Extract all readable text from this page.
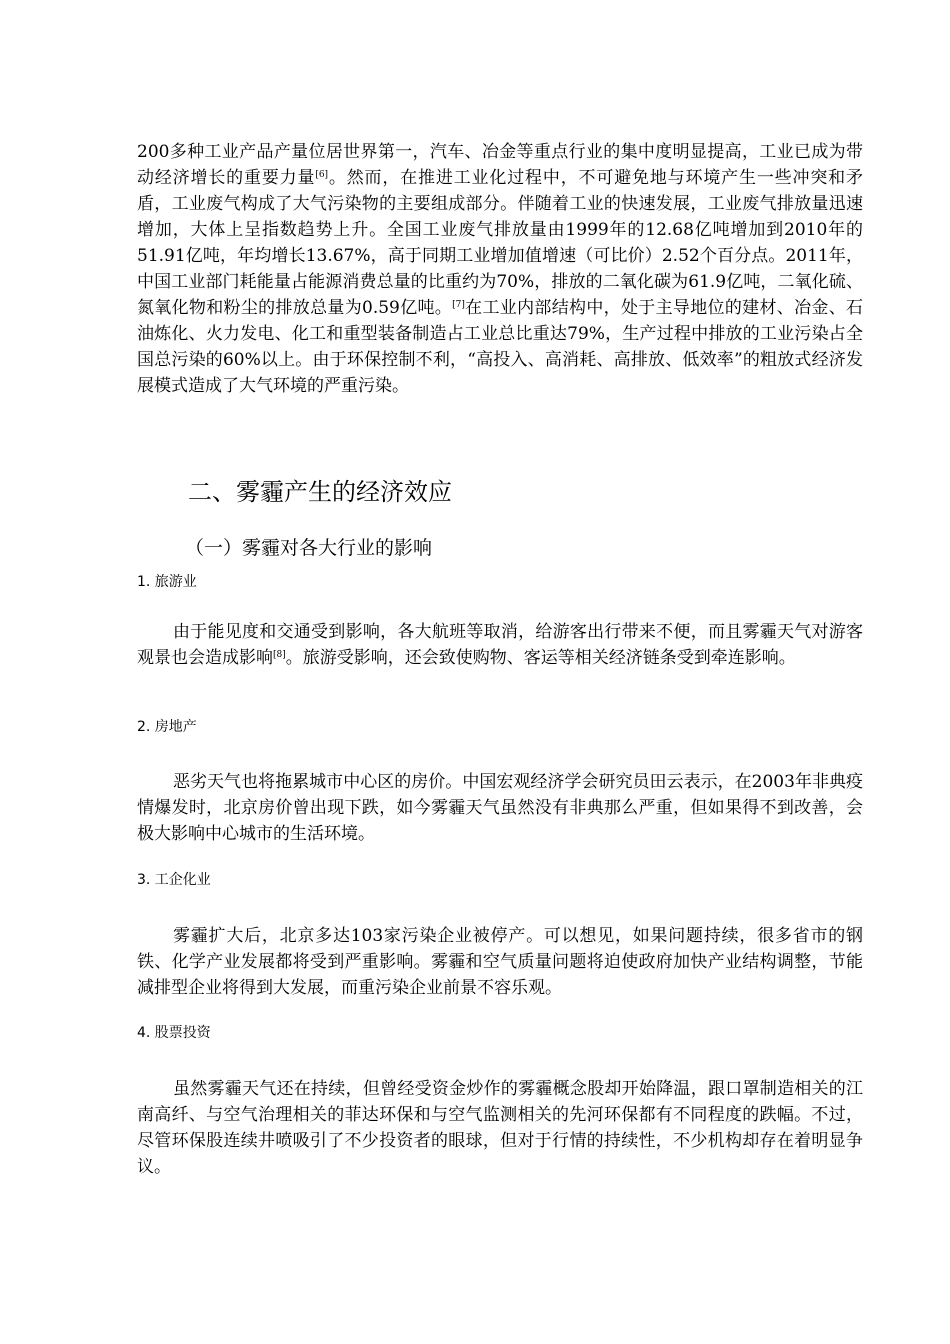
200多种工业产品产量位居世界第一，汽车、冶金等重点行业的集中度明显提高，工业已成为带动经济增长的重要力量[6]。然而，在推进工业化过程中，不可避免地与环境产生一些冲突和矛盾，工业废气构成了大气污染物的主要组成部分。伴随着工业的快速发展，工业废气排放量迅速增加，大体上呈指数趋势上升。全国工业废气排放量由1999年的12.68亿吨增加到2010年的51.91亿吨，年均增长13.67%，高于同期工业增加值增速（可比价）2.52个百分点。2011年，中国工业部门耗能量占能源消费总量的比重约为70%，排放的二氧化碳为61.9亿吨，二氧化硫、氮氧化物和粉尘的排放总量为0.59亿吨。[7]在工业内部结构中，处于主导地位的建材、冶金、石油炼化、火力发电、化工和重型装备制造占工业总比重达79%，生产过程中排放的工业污染占全国总污染的60%以上。由于环保控制不利，“高投入、高消耗、高排放、低效率”的粗放式经济发展模式造成了大气环境的严重污染。

二、雾霾产生的经济效应
（一）雾霾对各大行业的影响
1. 旅游业

由于能见度和交通受到影响，各大航班等取消，给游客出行带来不便，而且雾霾天气对游客观景也会造成影响[8]。旅游受影响，还会致使购物、客运等相关经济链条受到牵连影响。

2. 房地产

恶劣天气也将拖累城市中心区的房价。中国宏观经济学会研究员田云表示，在2003年非典疫情爆发时，北京房价曾出现下跌，如今雾霾天气虽然没有非典那么严重，但如果得不到改善，会极大影响中心城市的生活环境。

3. 工企化业

雾霾扩大后，北京多达103家污染企业被停产。可以想见，如果问题持续，很多省市的钢铁、化学产业发展都将受到严重影响。雾霾和空气质量问题将迫使政府加快产业结构调整，节能减排型企业将得到大发展，而重污染企业前景不容乐观。

4. 股票投资

虽然雾霾天气还在持续，但曾经受资金炒作的雾霾概念股却开始降温，跟口罩制造相关的江南高纤、与空气治理相关的菲达环保和与空气监测相关的先河环保都有不同程度的跌幅。不过，尽管环保股连续井喷吸引了不少投资者的眼球，但对于行情的持续性，不少机构却存在着明显争议。
